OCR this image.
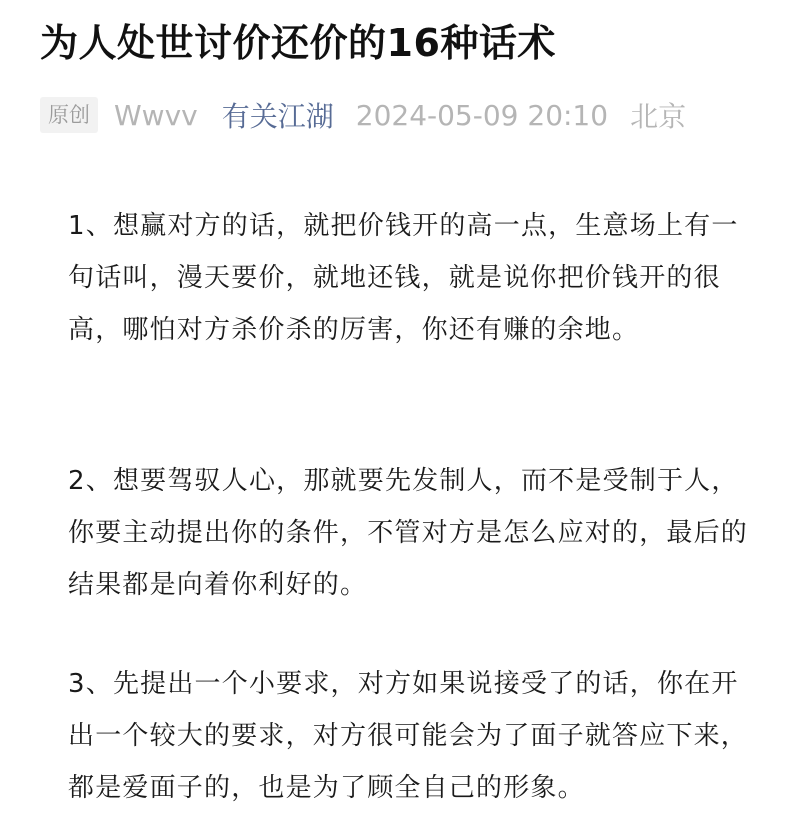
为人处世讨价还价的16种话术
原创 Wwvv 有关江湖 2024-05-09 20:10 北京

1、想赢对方的话，就把价钱开的高一点，生意场上有一句话叫，漫天要价，就地还钱，就是说你把价钱开的很高，哪怕对方杀价杀的厉害，你还有赚的余地。

2、想要驾驭人心，那就要先发制人，而不是受制于人，你要主动提出你的条件，不管对方是怎么应对的，最后的结果都是向着你利好的。

3、先提出一个小要求，对方如果说接受了的话，你在开出一个较大的要求，对方很可能会为了面子就答应下来，都是爱面子的，也是为了顾全自己的形象。
